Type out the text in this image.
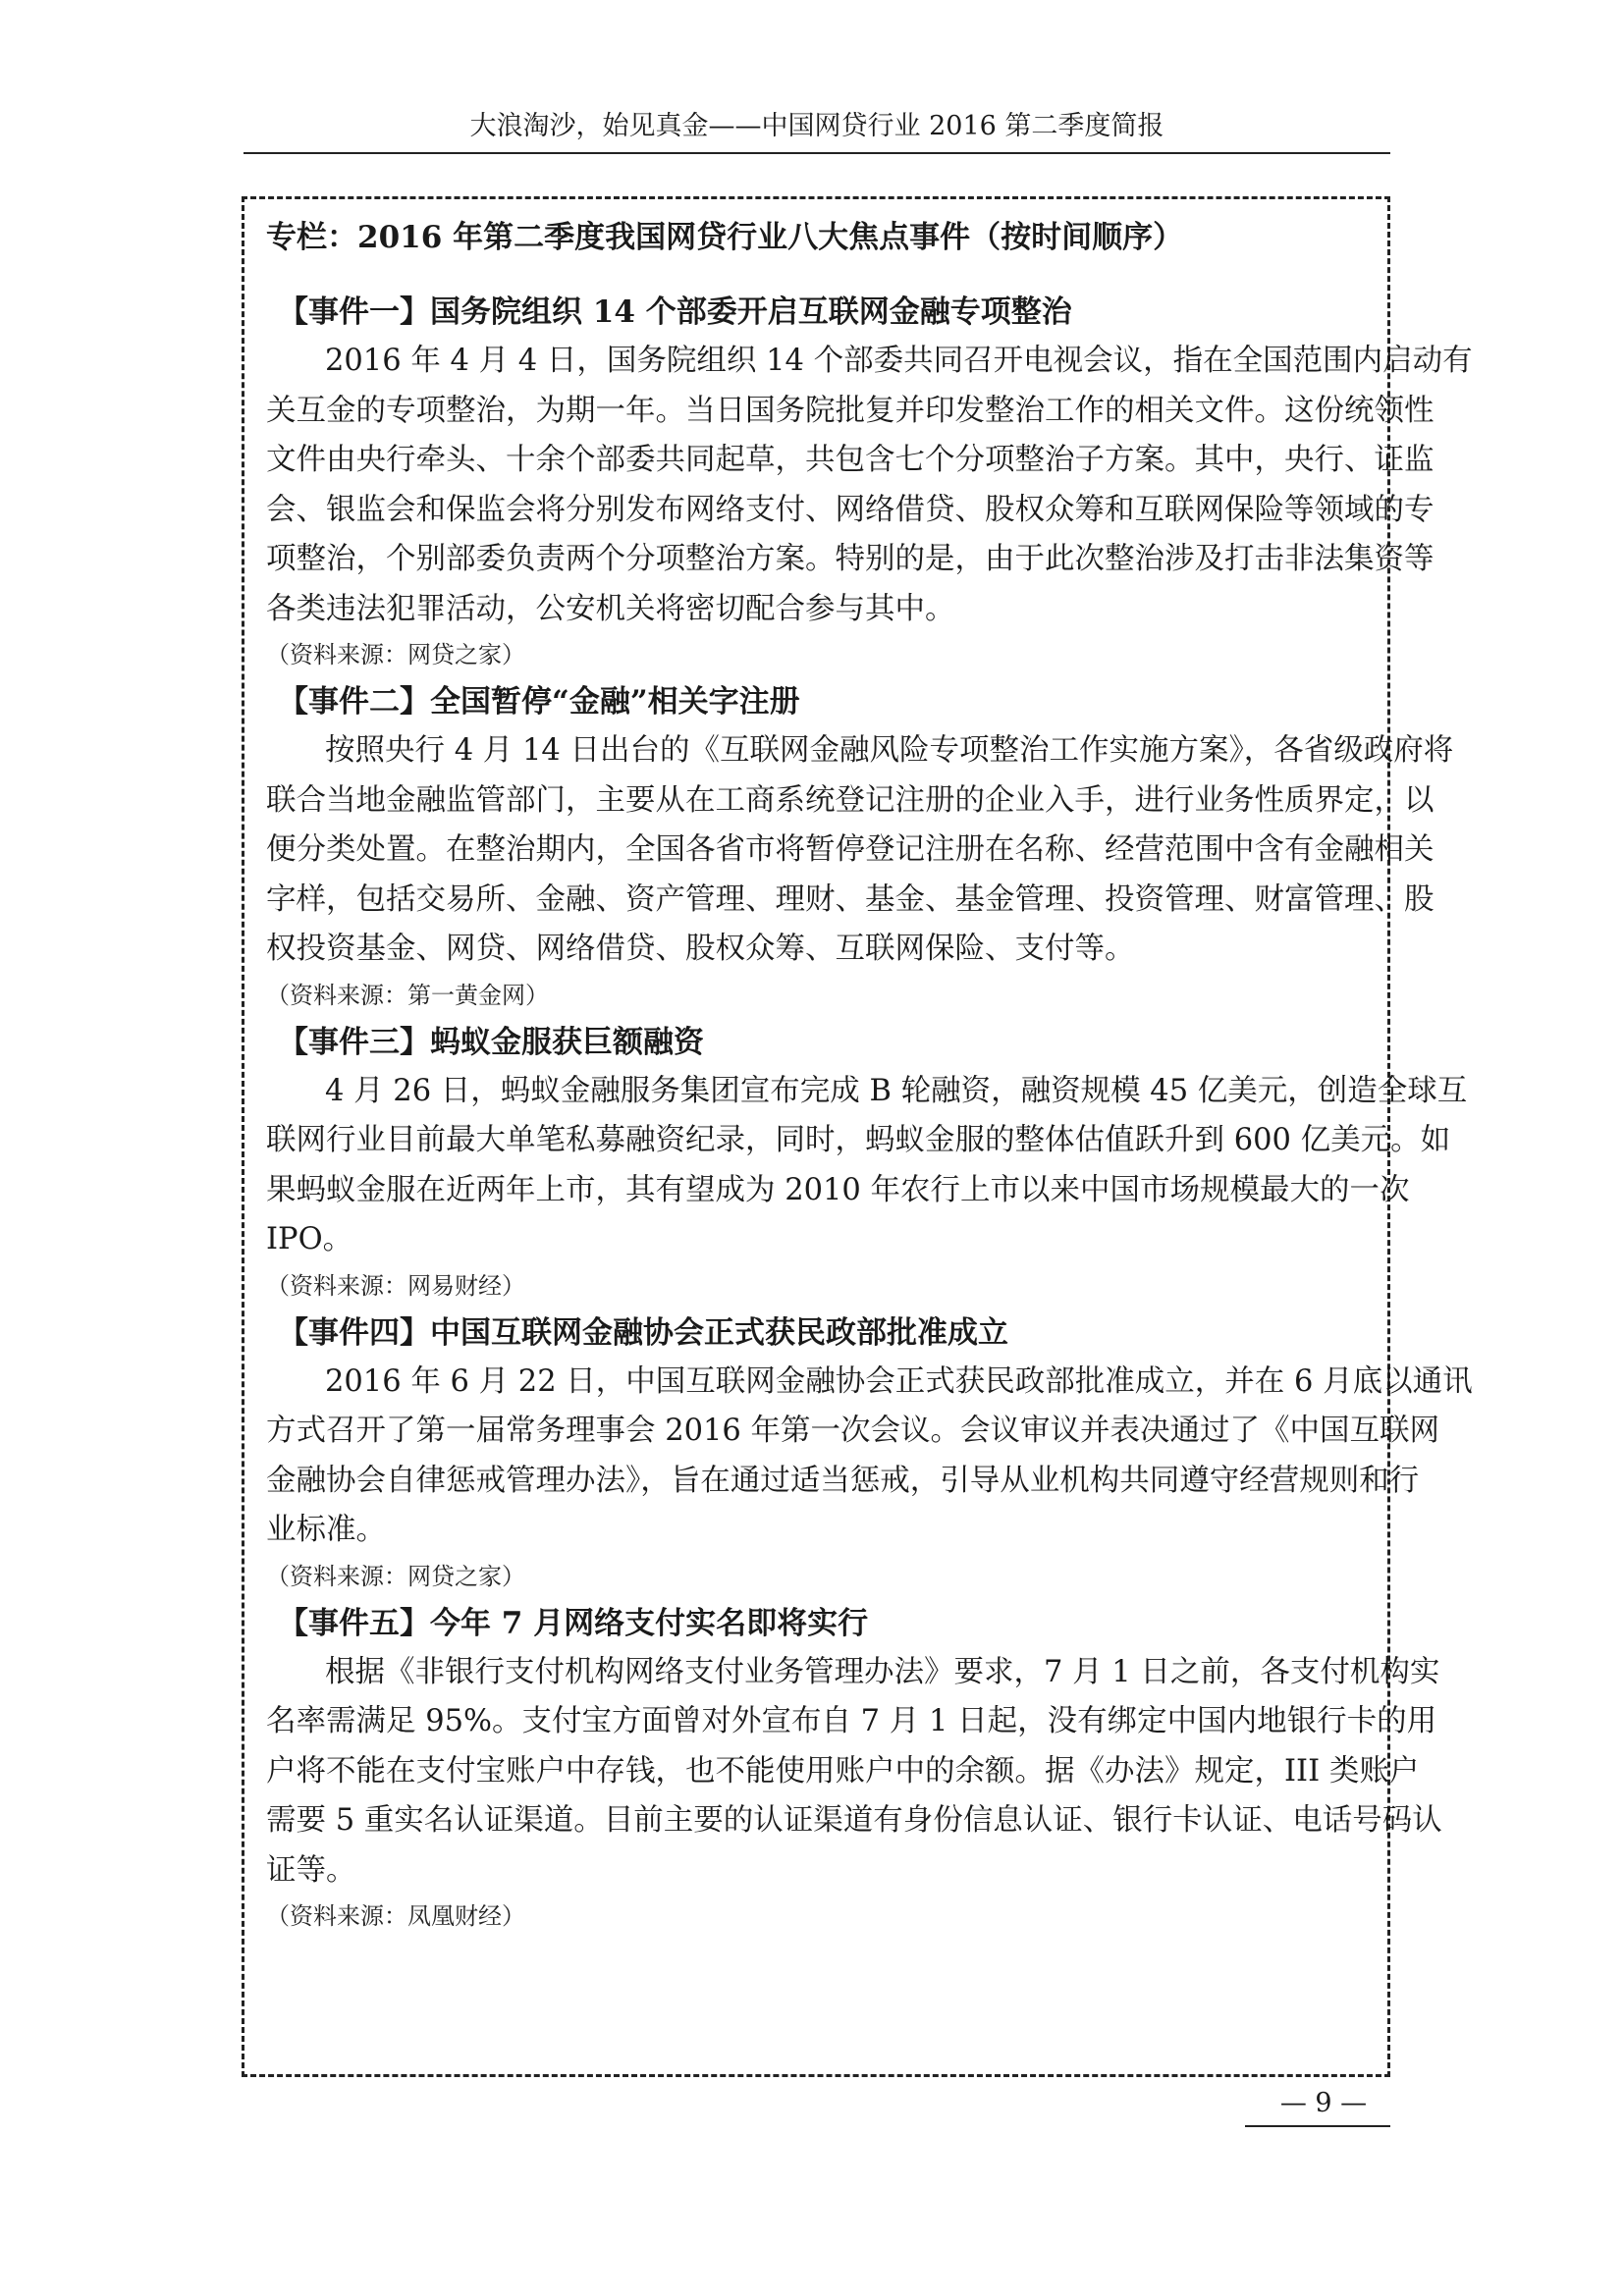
大浪淘沙，始见真金——中国网贷行业 2016 第二季度简报
专栏：2016 年第二季度我国网贷行业八大焦点事件（按时间顺序）
【事件一】国务院组织 14 个部委开启互联网金融专项整治
2016 年 4 月 4 日，国务院组织 14 个部委共同召开电视会议，指在全国范围内启动有
关互金的专项整治，为期一年。当日国务院批复并印发整治工作的相关文件。这份统领性
文件由央行牵头、十余个部委共同起草，共包含七个分项整治子方案。其中，央行、证监
会、银监会和保监会将分别发布网络支付、网络借贷、股权众筹和互联网保险等领域的专
项整治，个别部委负责两个分项整治方案。特别的是，由于此次整治涉及打击非法集资等
各类违法犯罪活动，公安机关将密切配合参与其中。
（资料来源：网贷之家）
【事件二】全国暂停“金融”相关字注册
按照央行 4 月 14 日出台的《互联网金融风险专项整治工作实施方案》，各省级政府将
联合当地金融监管部门，主要从在工商系统登记注册的企业入手，进行业务性质界定，以
便分类处置。在整治期内，全国各省市将暂停登记注册在名称、经营范围中含有金融相关
字样，包括交易所、金融、资产管理、理财、基金、基金管理、投资管理、财富管理、股
权投资基金、网贷、网络借贷、股权众筹、互联网保险、支付等。
（资料来源：第一黄金网）
【事件三】蚂蚁金服获巨额融资
4 月 26 日，蚂蚁金融服务集团宣布完成 B 轮融资，融资规模 45 亿美元，创造全球互
联网行业目前最大单笔私募融资纪录，同时，蚂蚁金服的整体估值跃升到 600 亿美元。如
果蚂蚁金服在近两年上市，其有望成为 2010 年农行上市以来中国市场规模最大的一次
IPO。
（资料来源：网易财经）
【事件四】中国互联网金融协会正式获民政部批准成立
2016 年 6 月 22 日，中国互联网金融协会正式获民政部批准成立，并在 6 月底以通讯
方式召开了第一届常务理事会 2016 年第一次会议。会议审议并表决通过了《中国互联网
金融协会自律惩戒管理办法》，旨在通过适当惩戒，引导从业机构共同遵守经营规则和行
业标准。
（资料来源：网贷之家）
【事件五】今年 7 月网络支付实名即将实行
根据《非银行支付机构网络支付业务管理办法》要求，7 月 1 日之前，各支付机构实
名率需满足 95%。支付宝方面曾对外宣布自 7 月 1 日起，没有绑定中国内地银行卡的用
户将不能在支付宝账户中存钱，也不能使用账户中的余额。据《办法》规定，III 类账户
需要 5 重实名认证渠道。目前主要的认证渠道有身份信息认证、银行卡认证、电话号码认
证等。
（资料来源：凤凰财经）
— 9 —
